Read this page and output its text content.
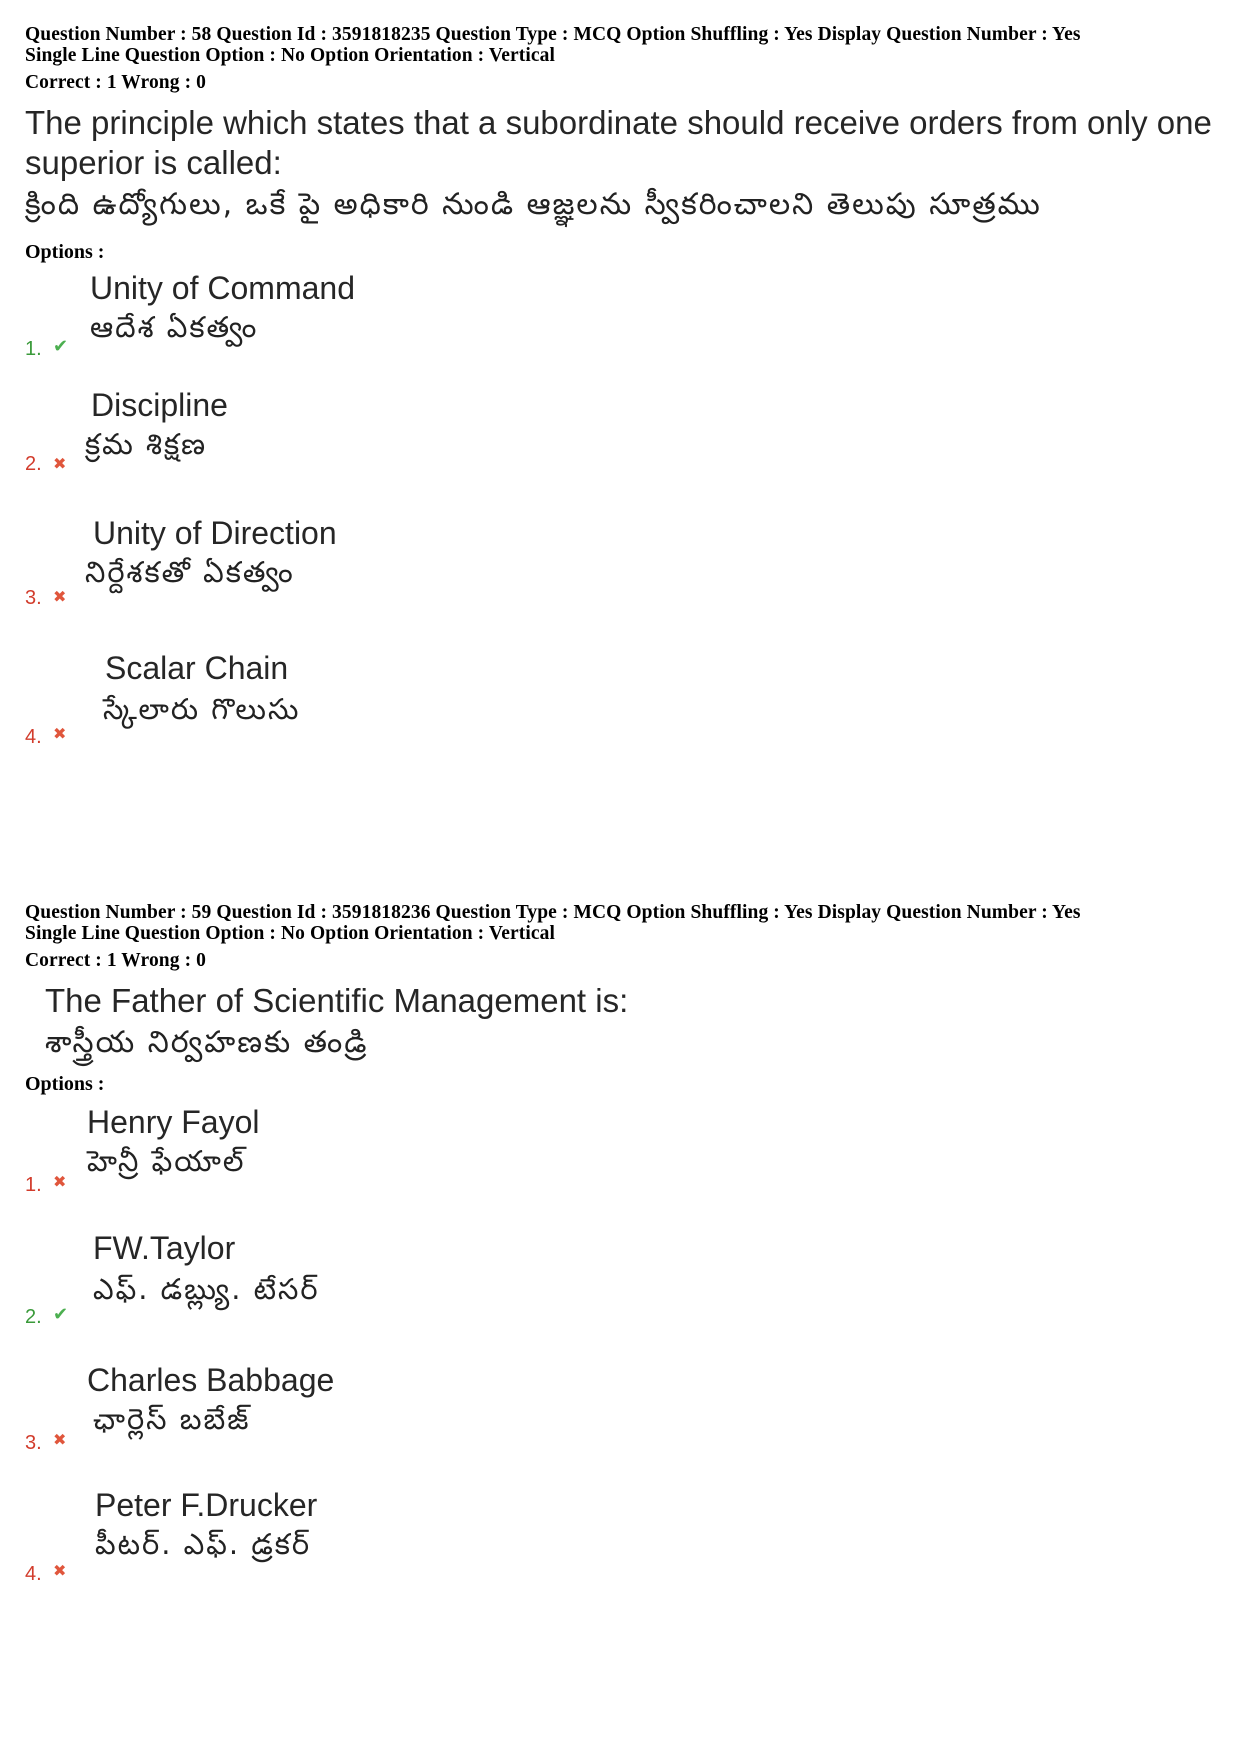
Question Number : 58 Question Id : 3591818235 Question Type : MCQ Option Shuffling : Yes Display Question Number : Yes
Single Line Question Option : No Option Orientation : Vertical
Correct : 1 Wrong : 0
The principle which states that a subordinate should receive orders from only one superior is called:
క్రింది ఉద్యోగులు, ఒకే పై అధికారి నుండి ఆజ్ఞలను స్వీకరించాలని తెలుపు సూత్రము
Options :
Unity of Command
ఆదేశ ఏకత్వం
1. ✔
Discipline
క్రమ శిక్షణ
2. ✖
Unity of Direction
నిర్దేశకతో ఏకత్వం
3. ✖
Scalar Chain
స్కేలారు గొలుసు
4. ✖
Question Number : 59 Question Id : 3591818236 Question Type : MCQ Option Shuffling : Yes Display Question Number : Yes
Single Line Question Option : No Option Orientation : Vertical
Correct : 1 Wrong : 0
The Father of Scientific Management is:
శాస్త్రీయ నిర్వహణకు తండ్రి
Options :
Henry Fayol
హెన్రీ ఫేయాల్
1. ✖
FW.Taylor
ఎఫ్. డబ్ల్యు. టేసర్
2. ✔
Charles Babbage
ఛార్లెస్ బబేజ్
3. ✖
Peter F.Drucker
పీటర్. ఎఫ్. డ్రకర్
4. ✖
